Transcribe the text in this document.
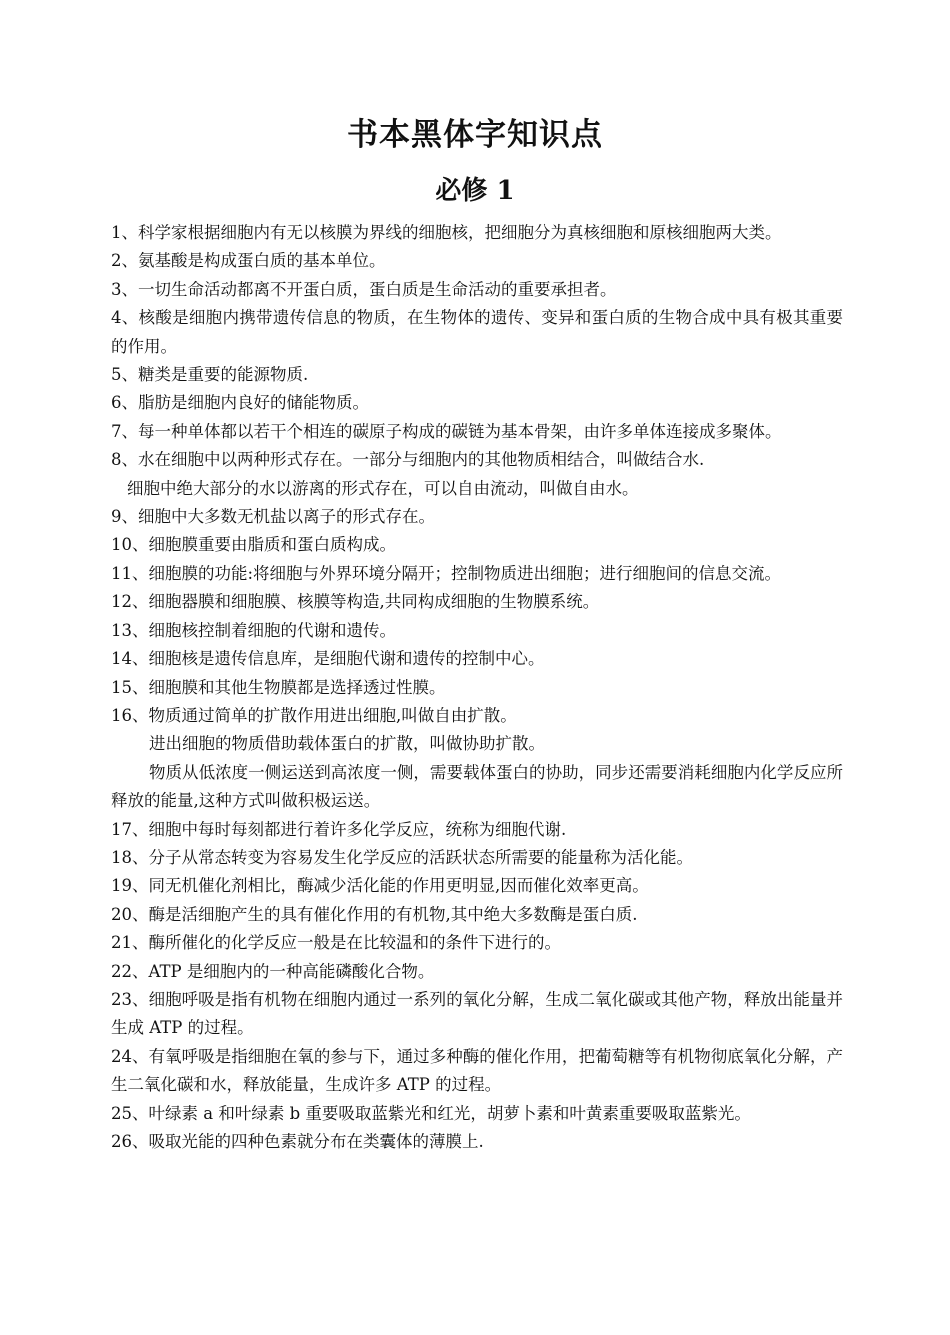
书本黑体字知识点
必修 1

1、科学家根据细胞内有无以核膜为界线的细胞核，把细胞分为真核细胞和原核细胞两大类。

2、氨基酸是构成蛋白质的基本单位。

3、一切生命活动都离不开蛋白质，蛋白质是生命活动的重要承担者。

4、核酸是细胞内携带遗传信息的物质，在生物体的遗传、变异和蛋白质的生物合成中具有极其重要的作用。

5、糖类是重要的能源物质.

6、脂肪是细胞内良好的储能物质。

7、每一种单体都以若干个相连的碳原子构成的碳链为基本骨架，由许多单体连接成多聚体。

8、水在细胞中以两种形式存在。一部分与细胞内的其他物质相结合，叫做结合水.

细胞中绝大部分的水以游离的形式存在，可以自由流动，叫做自由水。

9、细胞中大多数无机盐以离子的形式存在。

10、细胞膜重要由脂质和蛋白质构成。

11、细胞膜的功能:将细胞与外界环境分隔开；控制物质进出细胞；进行细胞间的信息交流。

12、细胞器膜和细胞膜、核膜等构造,共同构成细胞的生物膜系统。

13、细胞核控制着细胞的代谢和遗传。

14、细胞核是遗传信息库，是细胞代谢和遗传的控制中心。

15、细胞膜和其他生物膜都是选择透过性膜。

16、物质通过简单的扩散作用进出细胞,叫做自由扩散。

进出细胞的物质借助载体蛋白的扩散，叫做协助扩散。

物质从低浓度一侧运送到高浓度一侧，需要载体蛋白的协助，同步还需要消耗细胞内化学反应所释放的能量,这种方式叫做积极运送。

17、细胞中每时每刻都进行着许多化学反应，统称为细胞代谢.

18、分子从常态转变为容易发生化学反应的活跃状态所需要的能量称为活化能。

19、同无机催化剂相比，酶减少活化能的作用更明显,因而催化效率更高。

20、酶是活细胞产生的具有催化作用的有机物,其中绝大多数酶是蛋白质.

21、酶所催化的化学反应一般是在比较温和的条件下进行的。

22、ATP 是细胞内的一种高能磷酸化合物。

23、细胞呼吸是指有机物在细胞内通过一系列的氧化分解，生成二氧化碳或其他产物，释放出能量并生成 ATP 的过程。

24、有氧呼吸是指细胞在氧的参与下，通过多种酶的催化作用，把葡萄糖等有机物彻底氧化分解，产生二氧化碳和水，释放能量，生成许多 ATP 的过程。

25、叶绿素 a 和叶绿素 b 重要吸取蓝紫光和红光，胡萝卜素和叶黄素重要吸取蓝紫光。

26、吸取光能的四种色素就分布在类囊体的薄膜上.
